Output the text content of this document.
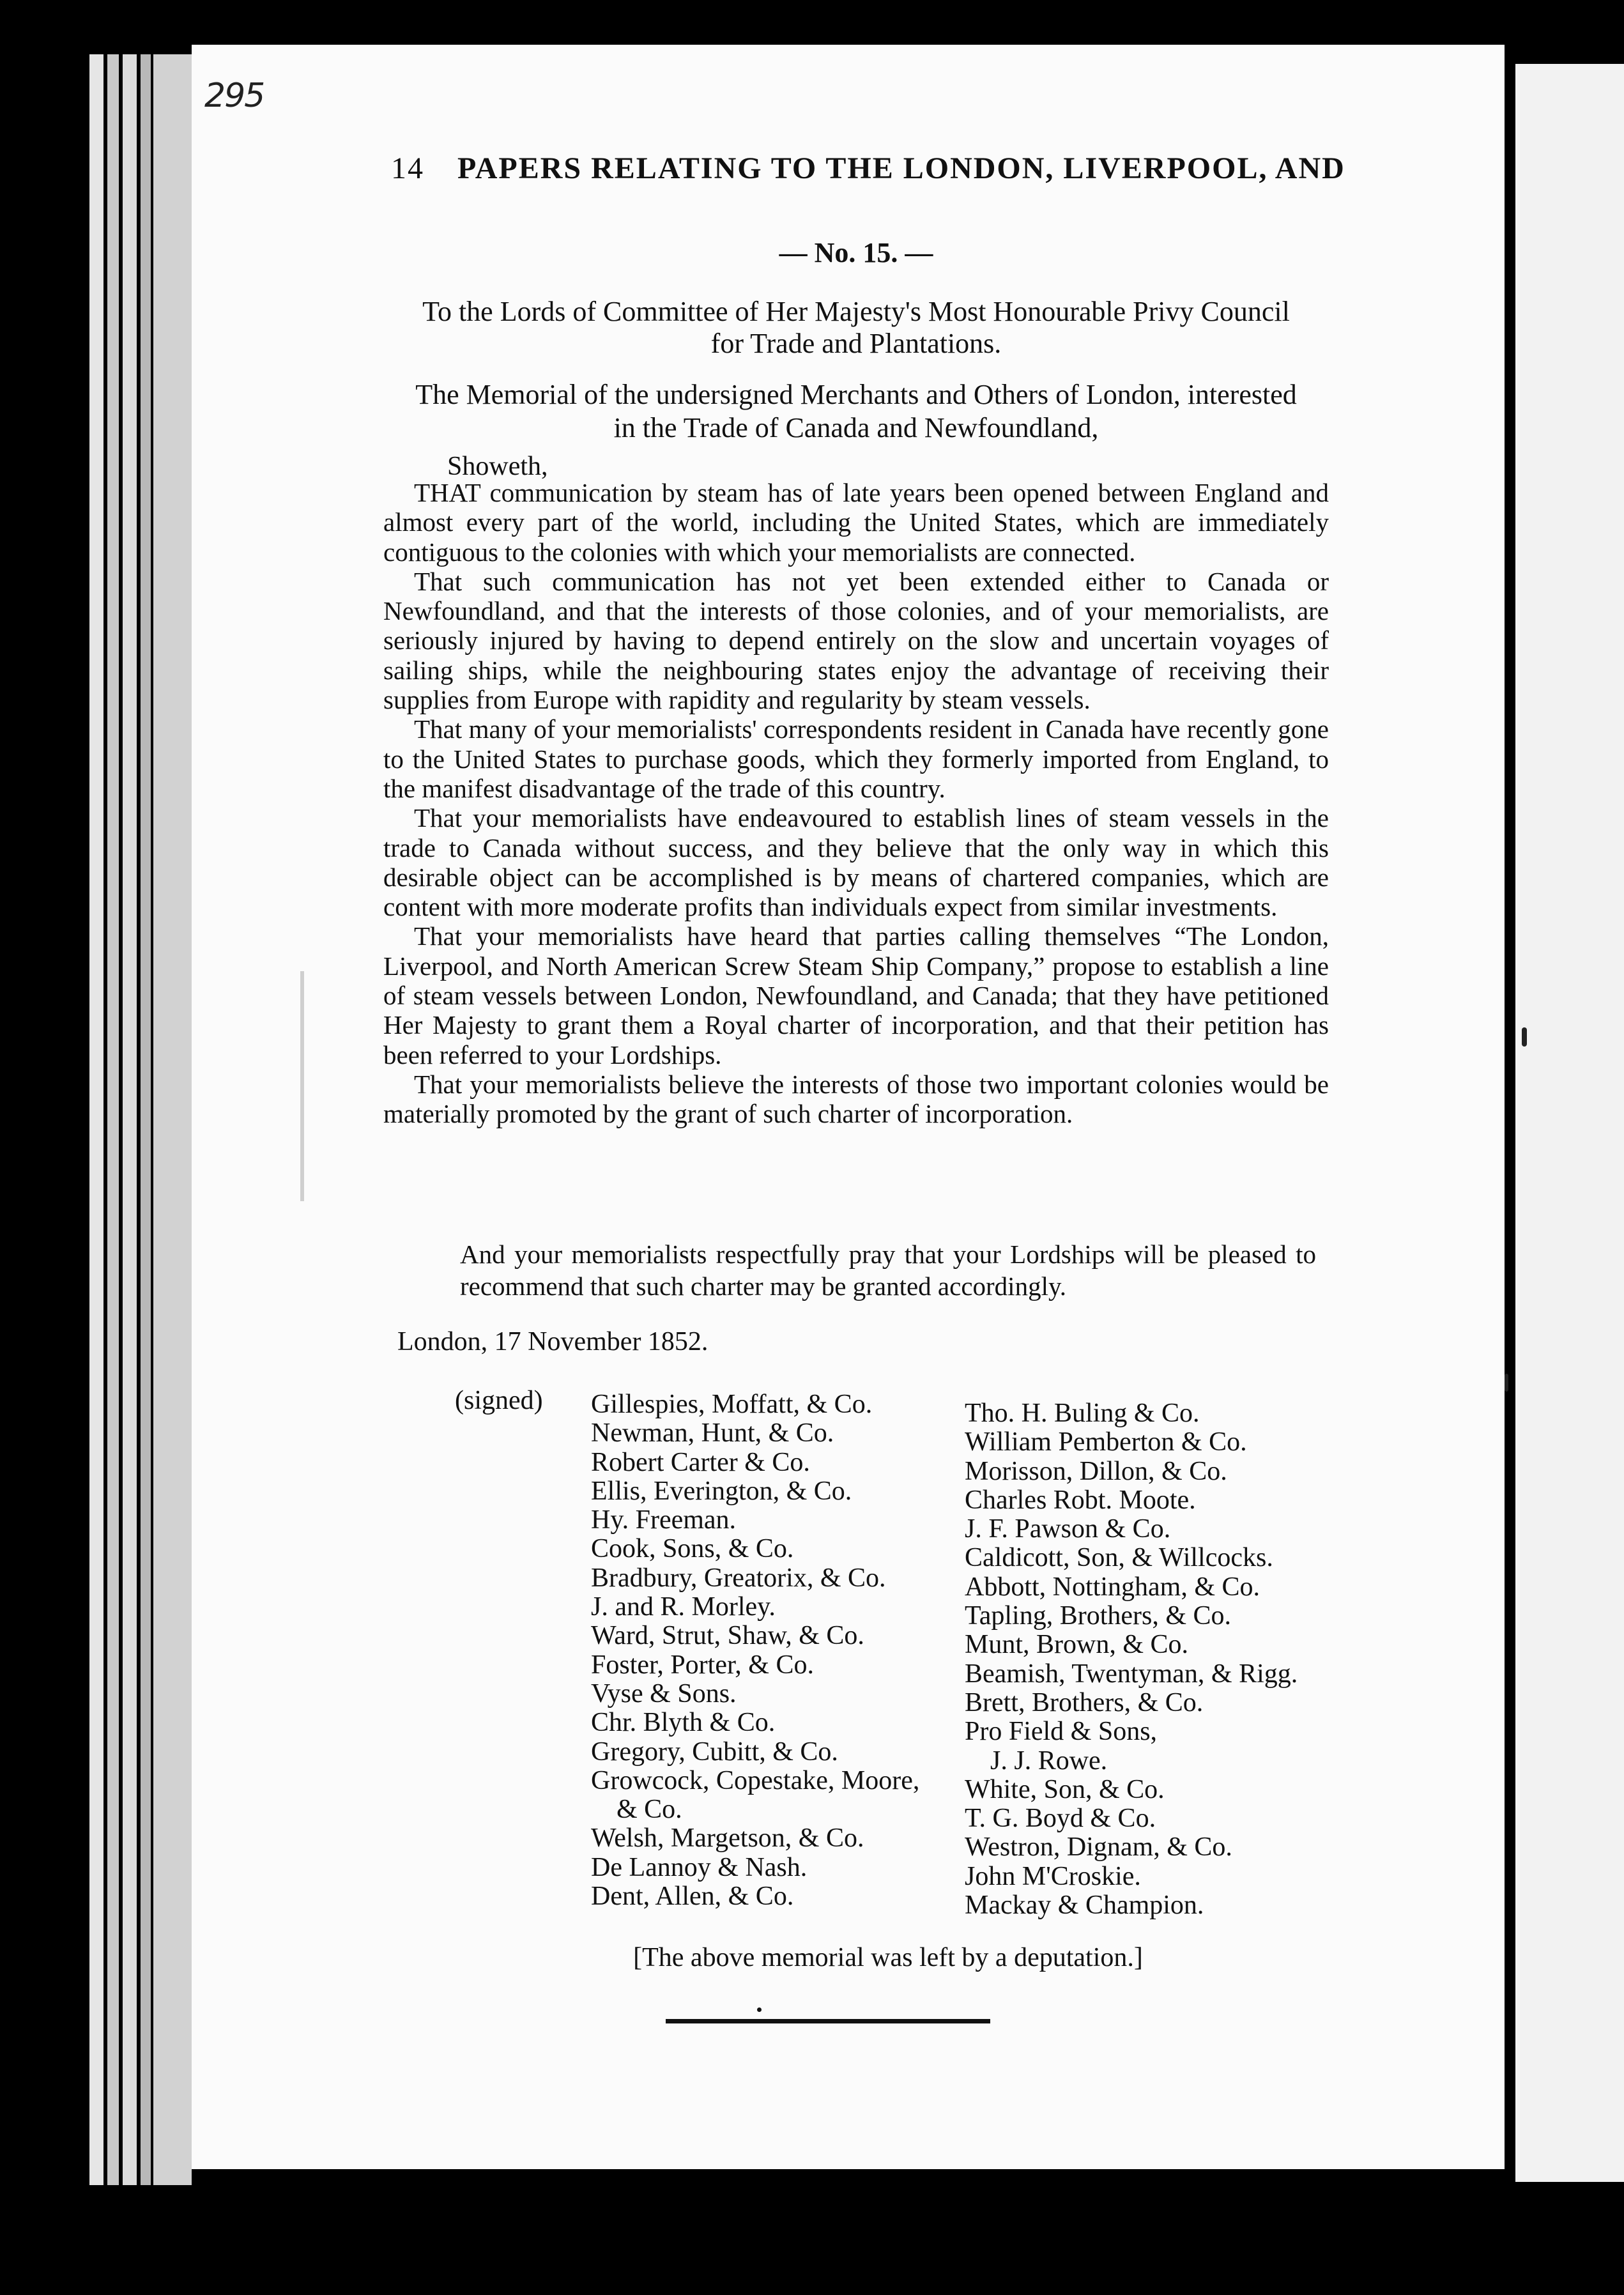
295
14 PAPERS RELATING TO THE LONDON, LIVERPOOL, AND
— No. 15. —
To the Lords of Committee of Her Majesty's Most Honourable Privy Council
for Trade and Plantations.
The Memorial of the undersigned Merchants and Others of London, interested
in the Trade of Canada and Newfoundland,
Showeth,

THAT communication by steam has of late years been opened between England and almost every part of the world, including the United States, which are immediately contiguous to the colonies with which your memorialists are connected.

That such communication has not yet been extended either to Canada or Newfoundland, and that the interests of those colonies, and of your memorialists, are seriously injured by having to depend entirely on the slow and uncertain voyages of sailing ships, while the neighbouring states enjoy the advantage of receiving their supplies from Europe with rapidity and regularity by steam vessels.

That many of your memorialists' correspondents resident in Canada have recently gone to the United States to purchase goods, which they formerly imported from England, to the manifest disadvantage of the trade of this country.

That your memorialists have endeavoured to establish lines of steam vessels in the trade to Canada without success, and they believe that the only way in which this desirable object can be accomplished is by means of chartered companies, which are content with more moderate profits than individuals expect from similar investments.

That your memorialists have heard that parties calling themselves “The London, Liverpool, and North American Screw Steam Ship Company,” propose to establish a line of steam vessels between London, Newfoundland, and Canada; that they have petitioned Her Majesty to grant them a Royal charter of incorporation, and that their petition has been referred to your Lordships.

That your memorialists believe the interests of those two important colonies would be materially promoted by the grant of such charter of incorporation.

And your memorialists respectfully pray that your Lordships will be pleased to recommend that such charter may be granted accordingly.
London, 17 November 1852.
(signed) Gillespies, Moffatt, & Co.
Newman, Hunt, & Co.
Robert Carter & Co.
Ellis, Everington, & Co.
Hy. Freeman.
Cook, Sons, & Co.
Bradbury, Greatorix, & Co.
J. and R. Morley.
Ward, Strut, Shaw, & Co.
Foster, Porter, & Co.
Vyse & Sons.
Chr. Blyth & Co.
Gregory, Cubitt, & Co.
Growcock, Copestake, Moore,
& Co.
Welsh, Margetson, & Co.
De Lannoy & Nash.
Dent, Allen, & Co.
Tho. H. Buling & Co.
William Pemberton & Co.
Morisson, Dillon, & Co.
Charles Robt. Moote.
J. F. Pawson & Co.
Caldicott, Son, & Willcocks.
Abbott, Nottingham, & Co.
Tapling, Brothers, & Co.
Munt, Brown, & Co.
Beamish, Twentyman, & Rigg.
Brett, Brothers, & Co.
Pro Field & Sons,
J. J. Rowe.
White, Son, & Co.
T. G. Boyd & Co.
Westron, Dignam, & Co.
John M'Croskie.
Mackay & Champion.
[The above memorial was left by a deputation.]
